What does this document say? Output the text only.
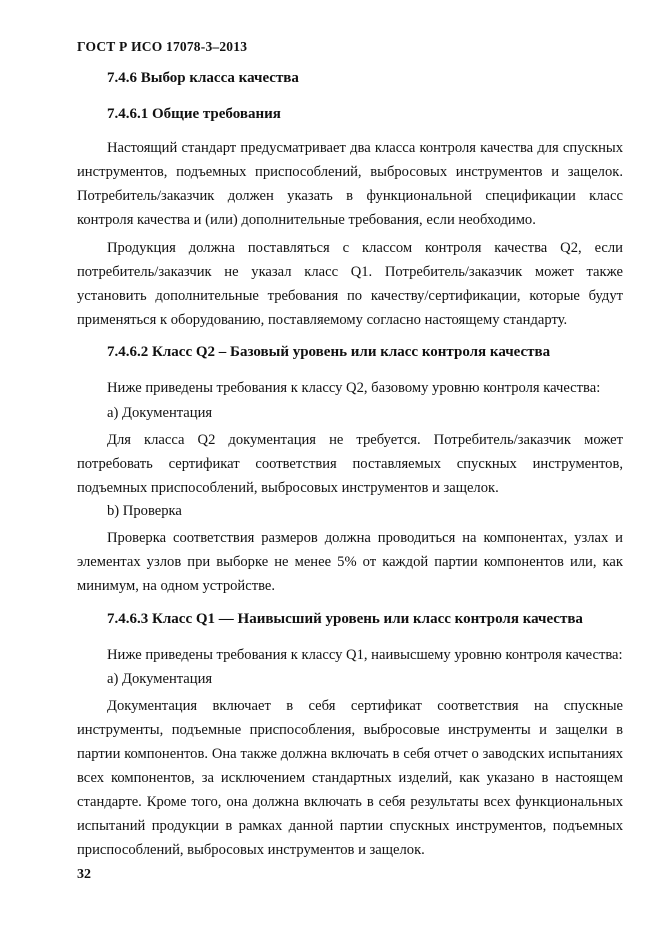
ГОСТ Р ИСО 17078-3–2013
7.4.6 Выбор класса качества
7.4.6.1 Общие требования
Настоящий стандарт предусматривает два класса контроля качества для спускных инструментов, подъемных приспособлений, выбросовых инструментов и защелок. Потребитель/заказчик должен указать в функциональной спецификации класс контроля качества и (или) дополнительные требования, если необходимо.
Продукция должна поставляться с классом контроля качества Q2, если потребитель/заказчик не указал класс Q1. Потребитель/заказчик может также установить дополнительные требования по качеству/сертификации, которые будут применяться к оборудованию, поставляемому согласно настоящему стандарту.
7.4.6.2 Класс Q2 – Базовый уровень или класс контроля качества
Ниже приведены требования к классу Q2, базовому уровню контроля качества:
a) Документация
Для класса Q2 документация не требуется. Потребитель/заказчик может потребовать сертификат соответствия поставляемых спускных инструментов, подъемных приспособлений, выбросовых инструментов и защелок.
b) Проверка
Проверка соответствия размеров должна проводиться на компонентах, узлах и элементах узлов при выборке не менее 5% от каждой партии компонентов или, как минимум, на одном устройстве.
7.4.6.3 Класс Q1 — Наивысший уровень или класс контроля качества
Ниже приведены требования к классу Q1, наивысшему уровню контроля качества:
a) Документация
Документация включает в себя сертификат соответствия на спускные инструменты, подъемные приспособления, выбросовые инструменты и защелки в партии компонентов. Она также должна включать в себя отчет о заводских испытаниях всех компонентов, за исключением стандартных изделий, как указано в настоящем стандарте. Кроме того, она должна включать в себя результаты всех функциональных испытаний продукции в рамках данной партии спускных инструментов, подъемных приспособлений, выбросовых инструментов и защелок.
32
